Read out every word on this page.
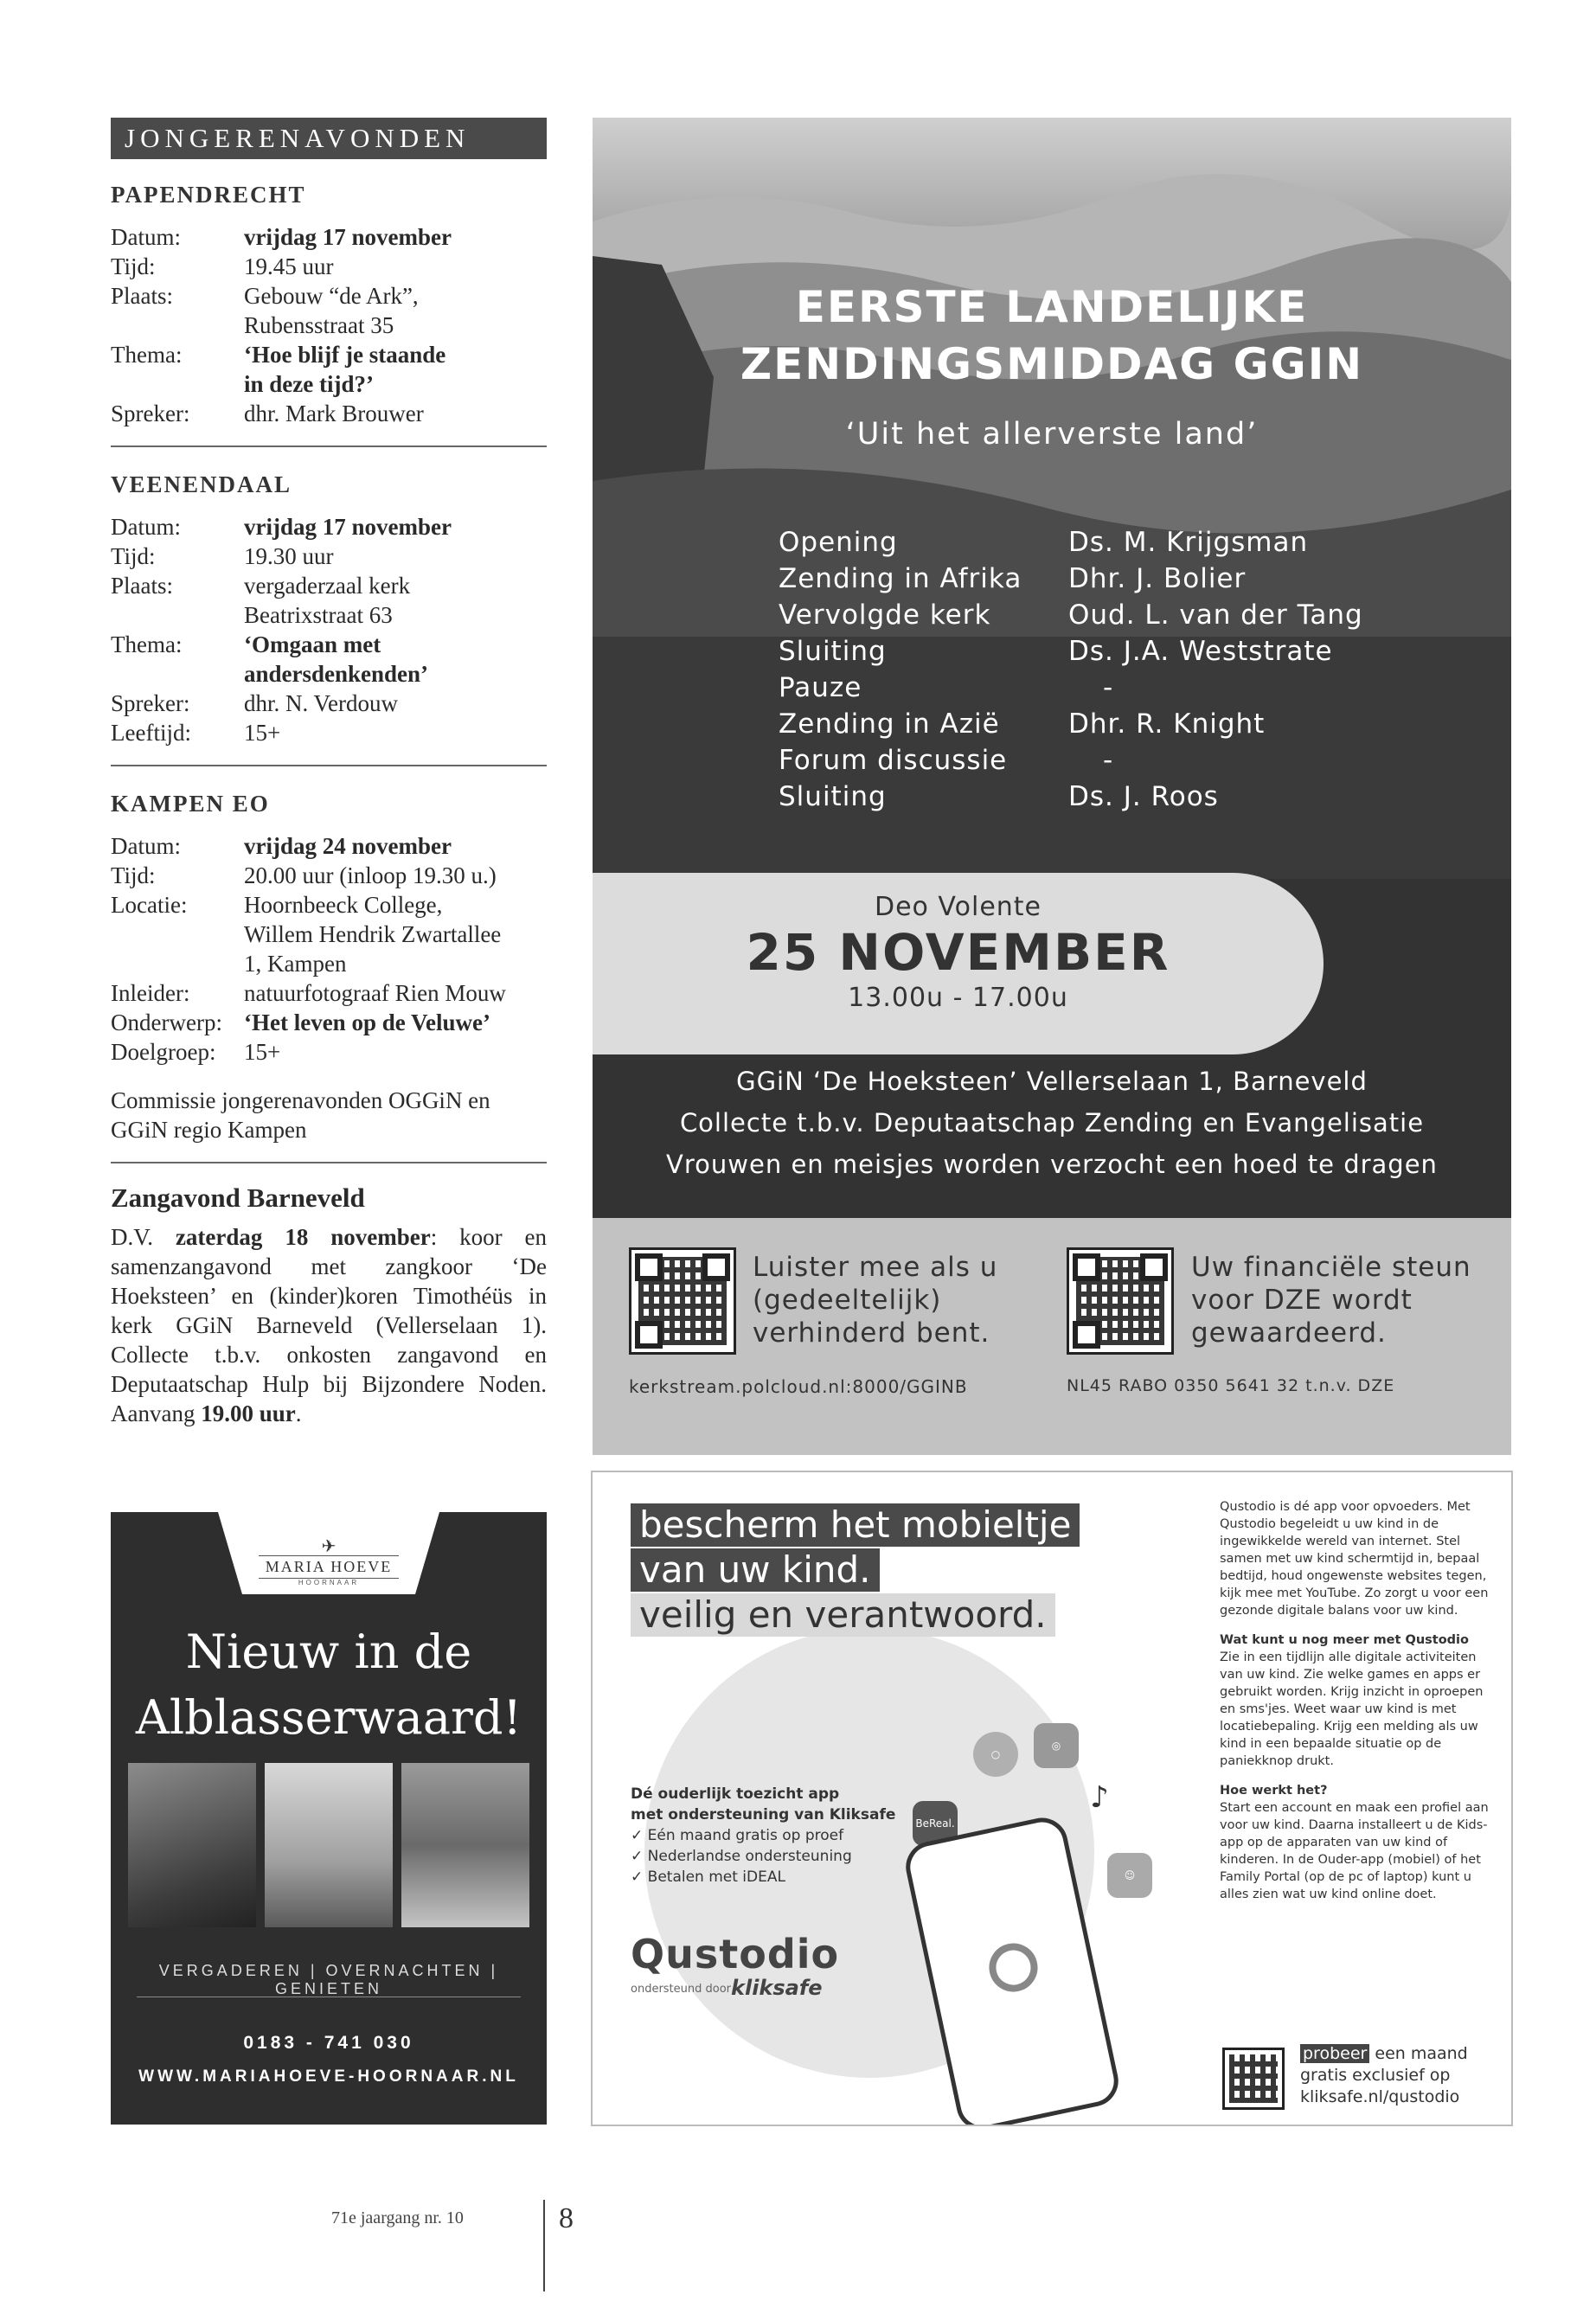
JONGERENAVONDEN
PAPENDRECHT
Datum:	vrijdag 17 november
Tijd:	19.45 uur
Plaats:	Gebouw “de Ark”,
Rubensstraat 35
Thema:	‘Hoe blijf je staande
in deze tijd?’
Spreker:	dhr. Mark Brouwer
VEENENDAAL
Datum:	vrijdag 17 november
Tijd:	19.30 uur
Plaats:	vergaderzaal kerk
Beatrixstraat 63
Thema:	‘Omgaan met
andersdenkenden’
Spreker:	dhr. N. Verdouw
Leeftijd:	15+
KAMPEN EO
Datum:	vrijdag 24 november
Tijd:	20.00 uur (inloop 19.30 u.)
Locatie:	Hoornbeeck College,
Willem Hendrik Zwartallee
1, Kampen
Inleider:	natuurfotograaf Rien Mouw
Onderwerp: ‘Het leven op de Veluwe’
Doelgroep:	15+
Commissie jongerenavonden OGGiN en GGiN regio Kampen
Zangavond Barneveld
D.V. zaterdag 18 november: koor en samenzangavond met zangkoor ‘De Hoeksteen’ en (kinder)koren Timothéüs in kerk GGiN Barneveld (Vellerselaan 1). Collecte t.b.v. onkosten zangavond en Deputaatschap Hulp bij Bijzondere Noden. Aanvang 19.00 uur.
✈
MARIA HOEVE
HOORNAAR
Nieuw in de
Alblasserwaard!
VERGADEREN | OVERNACHTEN | GENIETEN
0183 - 741 030
WWW.MARIAHOEVE-HOORNAAR.NL
EERSTE LANDELIJKE
ZENDINGSMIDDAG GGIN
‘Uit het allerverste land’
Opening	Ds. M. Krijgsman
Zending in Afrika	Dhr. J. Bolier
Vervolgde kerk	Oud. L. van der Tang
Sluiting	Ds. J.A. Weststrate
Pauze	-
Zending in Azië	Dhr. R. Knight
Forum discussie	-
Sluiting	Ds. J. Roos
Deo Volente
25 NOVEMBER
13.00u - 17.00u
GGiN ‘De Hoeksteen’ Vellerselaan 1, Barneveld
Collecte t.b.v. Deputaatschap Zending en Evangelisatie
Vrouwen en meisjes worden verzocht een hoed te dragen
Luister mee als u
(gedeeltelijk)
verhinderd bent.
kerkstream.polcloud.nl:8000/GGINB
Uw financiële steun
voor DZE wordt
gewaardeerd.
NL45 RABO 0350 5641 32 t.n.v. DZE
bescherm het mobieltje
van uw kind.
veilig en verantwoord.
Dé ouderlijk toezicht app
met ondersteuning van Kliksafe
✓ Eén maand gratis op proef
✓ Nederlandse ondersteuning
✓ Betalen met iDEAL
Qustodio
ondersteund door kliksafe
BeReal.
○
◎
♪
☺

Qustodio is dé app voor opvoeders. Met Qustodio begeleidt u uw kind in de ingewikkelde wereld van internet. Stel samen met uw kind schermtijd in, bepaal bedtijd, houd ongewenste websites tegen, kijk mee met YouTube. Zo zorgt u voor een gezonde digitale balans voor uw kind.

Wat kunt u nog meer met Qustodio

Zie in een tijdlijn alle digitale activiteiten van uw kind. Zie welke games en apps er gebruikt worden. Krijg inzicht in oproepen en sms'jes. Weet waar uw kind is met locatiebepaling. Krijg een melding als uw kind in een bepaalde situatie op de paniekknop drukt.

Hoe werkt het?

Start een account en maak een profiel aan voor uw kind. Daarna installeert u de Kids-app op de apparaten van uw kind of kinderen. In de Ouder-app (mobiel) of het Family Portal (op de pc of laptop) kunt u alles zien wat uw kind online doet.

probeer een maand
gratis exclusief op
kliksafe.nl/qustodio
71e jaargang nr. 10	8
